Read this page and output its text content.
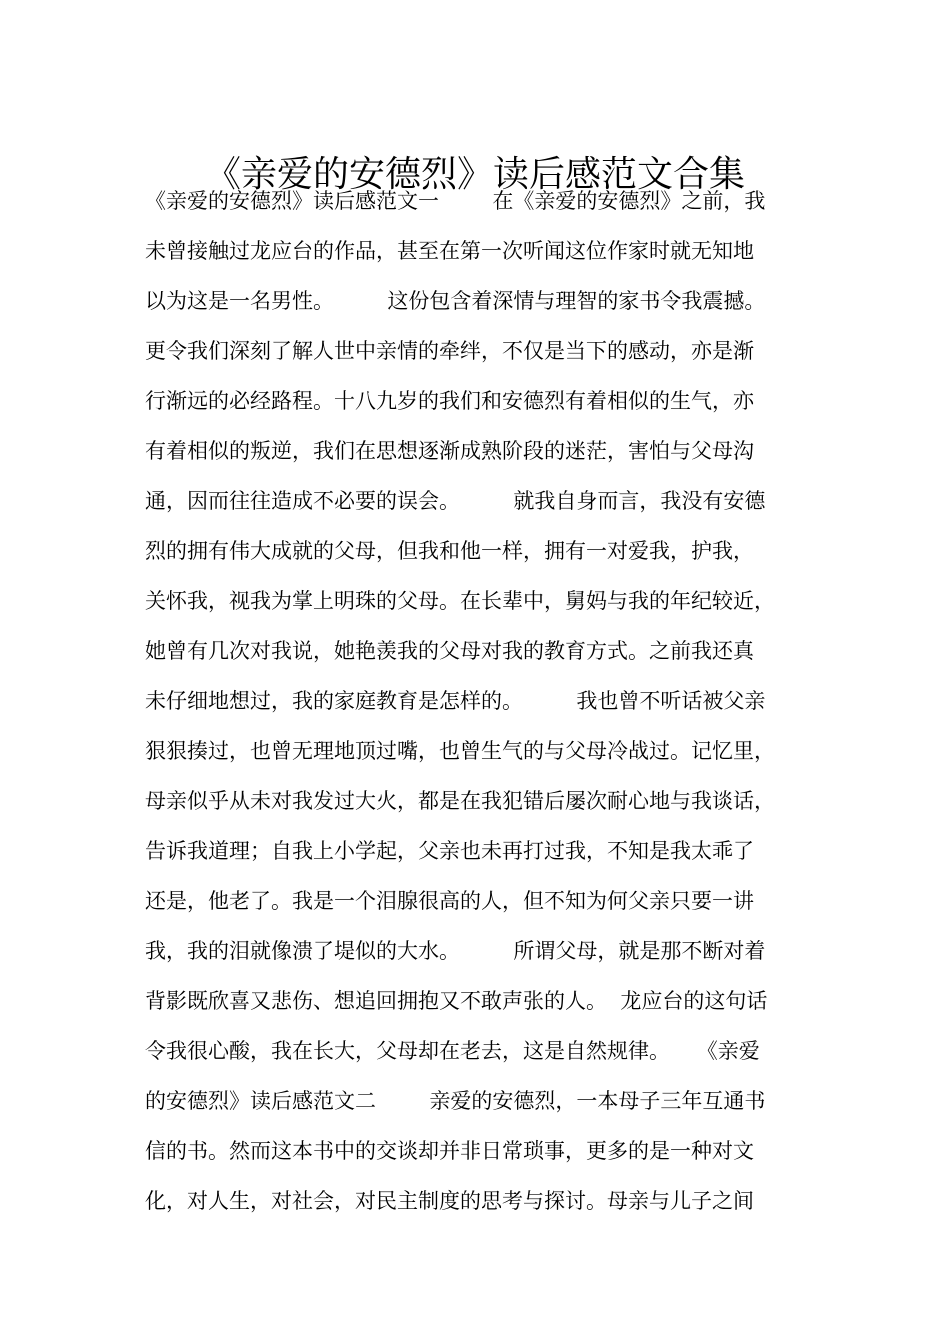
《亲爱的安德烈》读后感范文合集
《亲爱的安德烈》读后感范文一        在《亲爱的安德烈》之前，我
未曾接触过龙应台的作品，甚至在第一次听闻这位作家时就无知地
以为这是一名男性。        这份包含着深情与理智的家书令我震撼。
更令我们深刻了解人世中亲情的牵绊，不仅是当下的感动，亦是渐
行渐远的必经路程。十八九岁的我们和安德烈有着相似的生气，亦
有着相似的叛逆，我们在思想逐渐成熟阶段的迷茫，害怕与父母沟
通，因而往往造成不必要的误会。        就我自身而言，我没有安德
烈的拥有伟大成就的父母，但我和他一样，拥有一对爱我，护我，
关怀我，视我为掌上明珠的父母。在长辈中，舅妈与我的年纪较近，
她曾有几次对我说，她艳羡我的父母对我的教育方式。之前我还真
未仔细地想过，我的家庭教育是怎样的。        我也曾不听话被父亲
狠狠揍过，也曾无理地顶过嘴，也曾生气的与父母冷战过。记忆里，
母亲似乎从未对我发过大火，都是在我犯错后屡次耐心地与我谈话，
告诉我道理；自我上小学起，父亲也未再打过我，不知是我太乖了
还是，他老了。我是一个泪腺很高的人，但不知为何父亲只要一讲
我，我的泪就像溃了堤似的大水。        所谓父母，就是那不断对着
背影既欣喜又悲伤、想追回拥抱又不敢声张的人。  龙应台的这句话
令我很心酸，我在长大，父母却在老去，这是自然规律。    《亲爱
的安德烈》读后感范文二        亲爱的安德烈，一本母子三年互通书
信的书。然而这本书中的交谈却并非日常琐事，更多的是一种对文
化，对人生，对社会，对民主制度的思考与探讨。母亲与儿子之间
